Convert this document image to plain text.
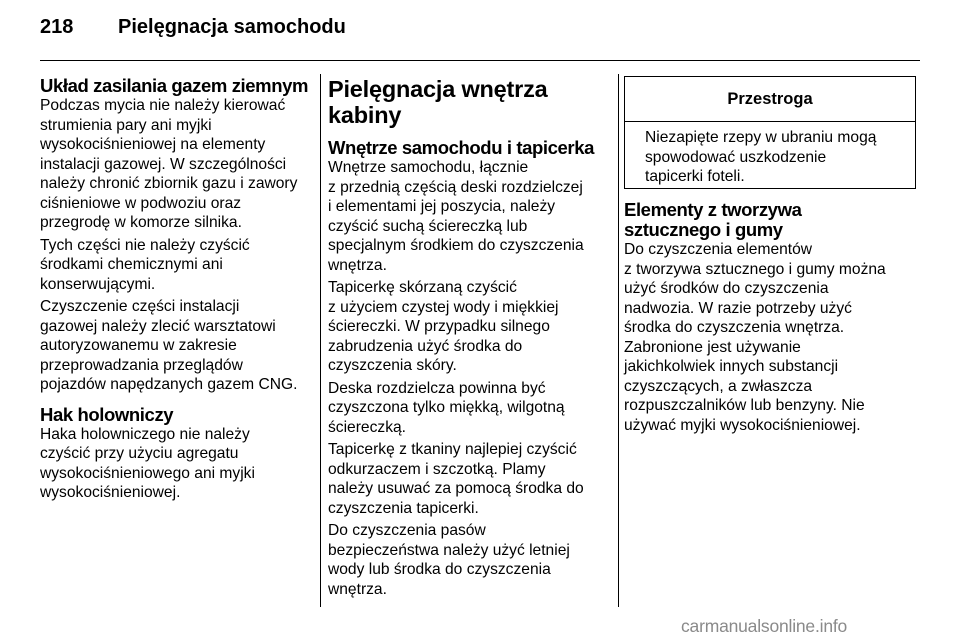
218	Pielęgnacja samochodu
Układ zasilania gazem ziemnym

Podczas mycia nie należy kierować
strumienia pary ani myjki
wysokociśnieniowej na elementy
instalacji gazowej. W szczególności
należy chronić zbiornik gazu i zawory
ciśnieniowe w podwoziu oraz
przegrodę w komorze silnika.

Tych części nie należy czyścić
środkami chemicznymi ani
konserwującymi.

Czyszczenie części instalacji
gazowej należy zlecić warsztatowi
autoryzowanemu w zakresie
przeprowadzania przeglądów
pojazdów napędzanych gazem CNG.

Hak holowniczy

Haka holowniczego nie należy
czyścić przy użyciu agregatu
wysokociśnieniowego ani myjki
wysokociśnieniowej.

Pielęgnacja wnętrza
kabiny
Wnętrze samochodu i tapicerka

Wnętrze samochodu, łącznie
z przednią częścią deski rozdzielczej
i elementami jej poszycia, należy
czyścić suchą ściereczką lub
specjalnym środkiem do czyszczenia
wnętrza.

Tapicerkę skórzaną czyścić
z użyciem czystej wody i miękkiej
ściereczki. W przypadku silnego
zabrudzenia użyć środka do
czyszczenia skóry.

Deska rozdzielcza powinna być
czyszczona tylko miękką, wilgotną
ściereczką.

Tapicerkę z tkaniny najlepiej czyścić
odkurzaczem i szczotką. Plamy
należy usuwać za pomocą środka do
czyszczenia tapicerki.

Do czyszczenia pasów
bezpieczeństwa należy użyć letniej
wody lub środka do czyszczenia
wnętrza.

Przestroga
Niezapięte rzepy w ubraniu mogą
spowodować uszkodzenie
tapicerki foteli.
Elementy z tworzywa
sztucznego i gumy

Do czyszczenia elementów
z tworzywa sztucznego i gumy można
użyć środków do czyszczenia
nadwozia. W razie potrzeby użyć
środka do czyszczenia wnętrza.
Zabronione jest używanie
jakichkolwiek innych substancji
czyszczących, a zwłaszcza
rozpuszczalników lub benzyny. Nie
używać myjki wysokociśnieniowej.

carmanualsonline.info
